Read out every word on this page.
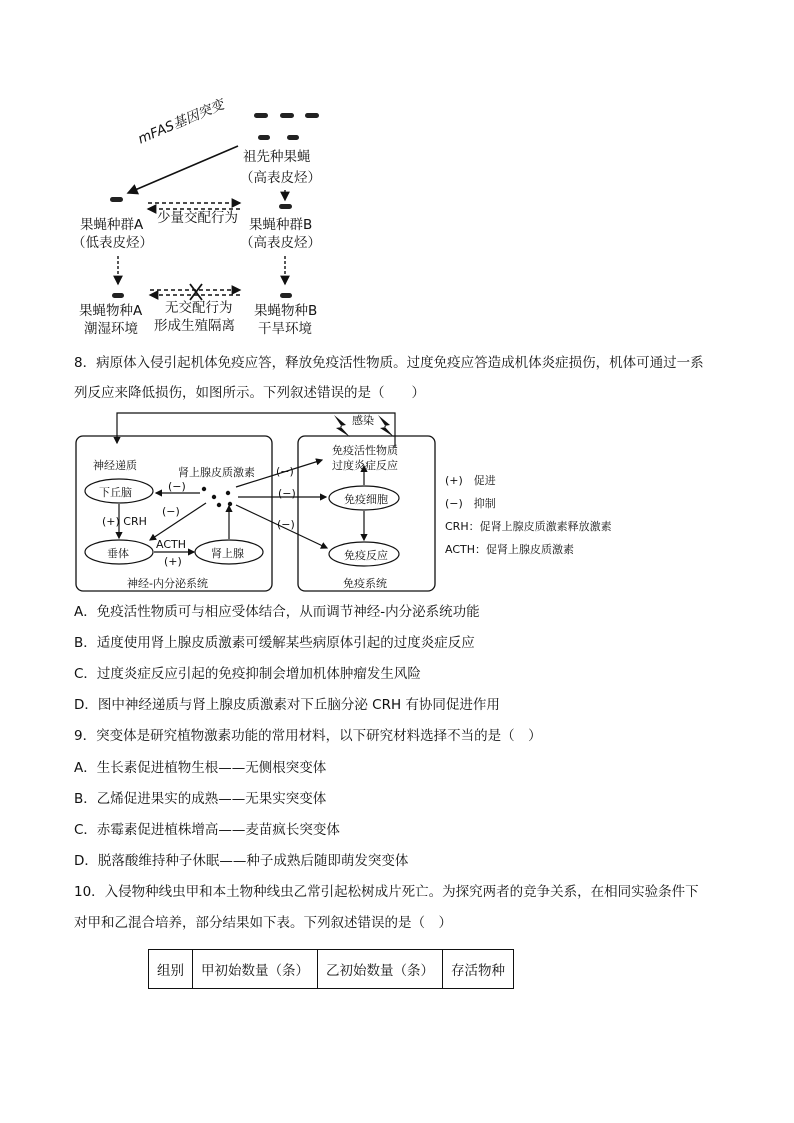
mFAS基因突变
祖先种果蝇
（高表皮烃）
果蝇种群A
（低表皮烃）
少量交配行为 果蝇种群B
（高表皮烃）
果蝇物种A
潮湿环境
无交配行为
形成生殖隔离
果蝇物种B
干旱环境
8．病原体入侵引起机体免疫应答，释放免疫活性物质。过度免疫应答造成机体炎症损伤，机体可通过一系
列反应来降低损伤，如图所示。下列叙述错误的是（　　）
感染
免疫活性物质
过度炎症反应
神经递质
肾上腺皮质激素
下丘脑	(−)
(−)
(−)
(−)
(−)
(+) CRH
免疫细胞
垂体
ACTH
(+)
肾上腺	免疫反应
神经-内分泌系统	免疫系统
(+)　促进
(−)　抑制
CRH：促肾上腺皮质激素释放激素
ACTH：促肾上腺皮质激素
A．免疫活性物质可与相应受体结合，从而调节神经-内分泌系统功能
B．适度使用肾上腺皮质激素可缓解某些病原体引起的过度炎症反应
C．过度炎症反应引起的免疫抑制会增加机体肿瘤发生风险
D．图中神经递质与肾上腺皮质激素对下丘脑分泌 CRH 有协同促进作用
9．突变体是研究植物激素功能的常用材料，以下研究材料选择不当的是（　）
A．生长素促进植物生根——无侧根突变体
B．乙烯促进果实的成熟——无果实突变体
C．赤霉素促进植株增高——麦苗疯长突变体
D．脱落酸维持种子休眠——种子成熟后随即萌发突变体
10．入侵物种线虫甲和本土物种线虫乙常引起松树成片死亡。为探究两者的竞争关系，在相同实验条件下
对甲和乙混合培养，部分结果如下表。下列叙述错误的是（　）
组别	甲初始数量（条）	乙初始数量（条）	存活物种
